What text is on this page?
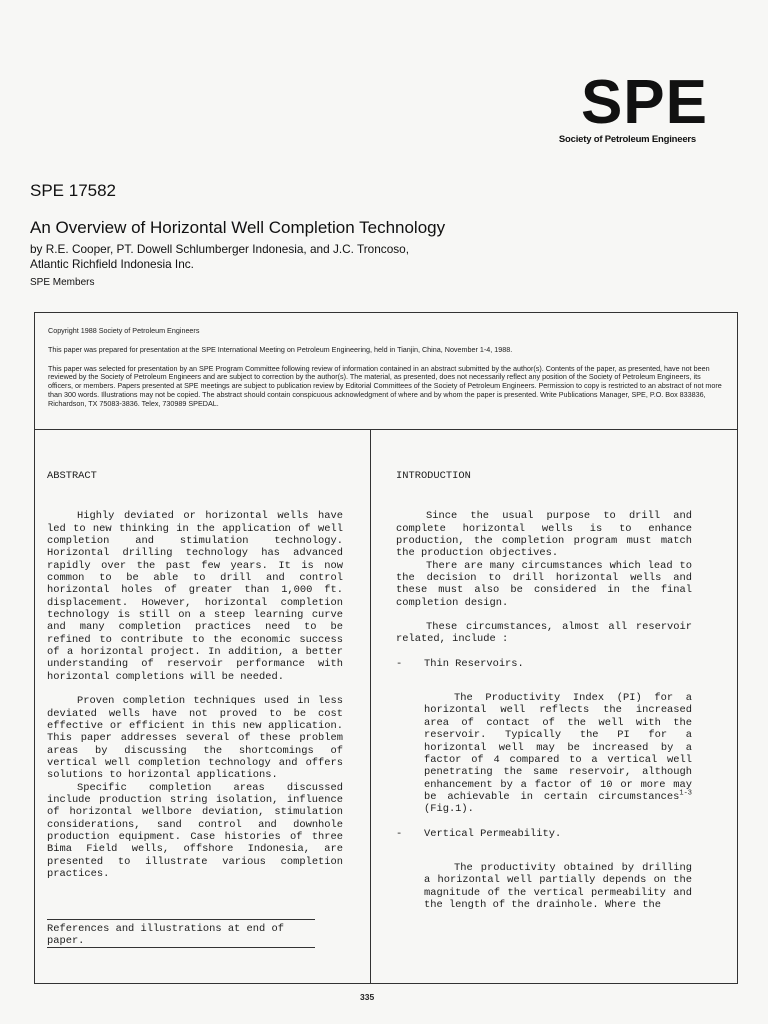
SPE
Society of Petroleum Engineers
SPE 17582
An Overview of Horizontal Well Completion Technology
by R.E. Cooper, PT. Dowell Schlumberger Indonesia, and J.C. Troncoso,
Atlantic Richfield Indonesia Inc.
SPE Members

Copyright 1988 Society of Petroleum Engineers

This paper was prepared for presentation at the SPE International Meeting on Petroleum Engineering, held in Tianjin, China, November 1-4, 1988.

This paper was selected for presentation by an SPE Program Committee following review of information contained in an abstract submitted by the author(s). Contents of the paper, as presented, have not been reviewed by the Society of Petroleum Engineers and are subject to correction by the author(s). The material, as presented, does not necessarily reflect any position of the Society of Petroleum Engineers, its officers, or members. Papers presented at SPE meetings are subject to publication review by Editorial Committees of the Society of Petroleum Engineers. Permission to copy is restricted to an abstract of not more than 300 words. Illustrations may not be copied. The abstract should contain conspicuous acknowledgment of where and by whom the paper is presented. Write Publications Manager, SPE, P.O. Box 833836, Richardson, TX 75083-3836. Telex, 730989 SPEDAL.

ABSTRACT

Highly deviated or horizontal wells have led to new thinking in the application of well completion and stimulation technology. Horizontal drilling technology has advanced rapidly over the past few years. It is now common to be able to drill and control horizontal holes of greater than 1,000 ft. displacement. However, horizontal completion technology is still on a steep learning curve and many completion practices need to be refined to contribute to the economic success of a horizontal project. In addition, a better understanding of reservoir performance with horizontal completions will be needed.

Proven completion techniques used in less deviated wells have not proved to be cost effective or efficient in this new application. This paper addresses several of these problem areas by discussing the shortcomings of vertical well completion technology and offers solutions to horizontal applications.

Specific completion areas discussed include production string isolation, influence of horizontal wellbore deviation, stimulation considerations, sand control and downhole production equipment. Case histories of three Bima Field wells, offshore Indonesia, are presented to illustrate various completion practices.

References and illustrations at end of paper.
INTRODUCTION

Since the usual purpose to drill and complete horizontal wells is to enhance production, the completion program must match the production objectives.

There are many circumstances which lead to the decision to drill horizontal wells and these must also be considered in the final completion design.

These circumstances, almost all reservoir related, include :

- Thin Reservoirs.

The Productivity Index (PI) for a horizontal well reflects the increased area of contact of the well with the reservoir. Typically the PI for a horizontal well may be increased by a factor of 4 compared to a vertical well penetrating the same reservoir, although enhancement by a factor of 10 or more may be achievable in certain circumstances$^{1-3}$ (Fig.1).

- Vertical Permeability.

The productivity obtained by drilling a horizontal well partially depends on the magnitude of the vertical permeability and the length of the drainhole. Where the

335
